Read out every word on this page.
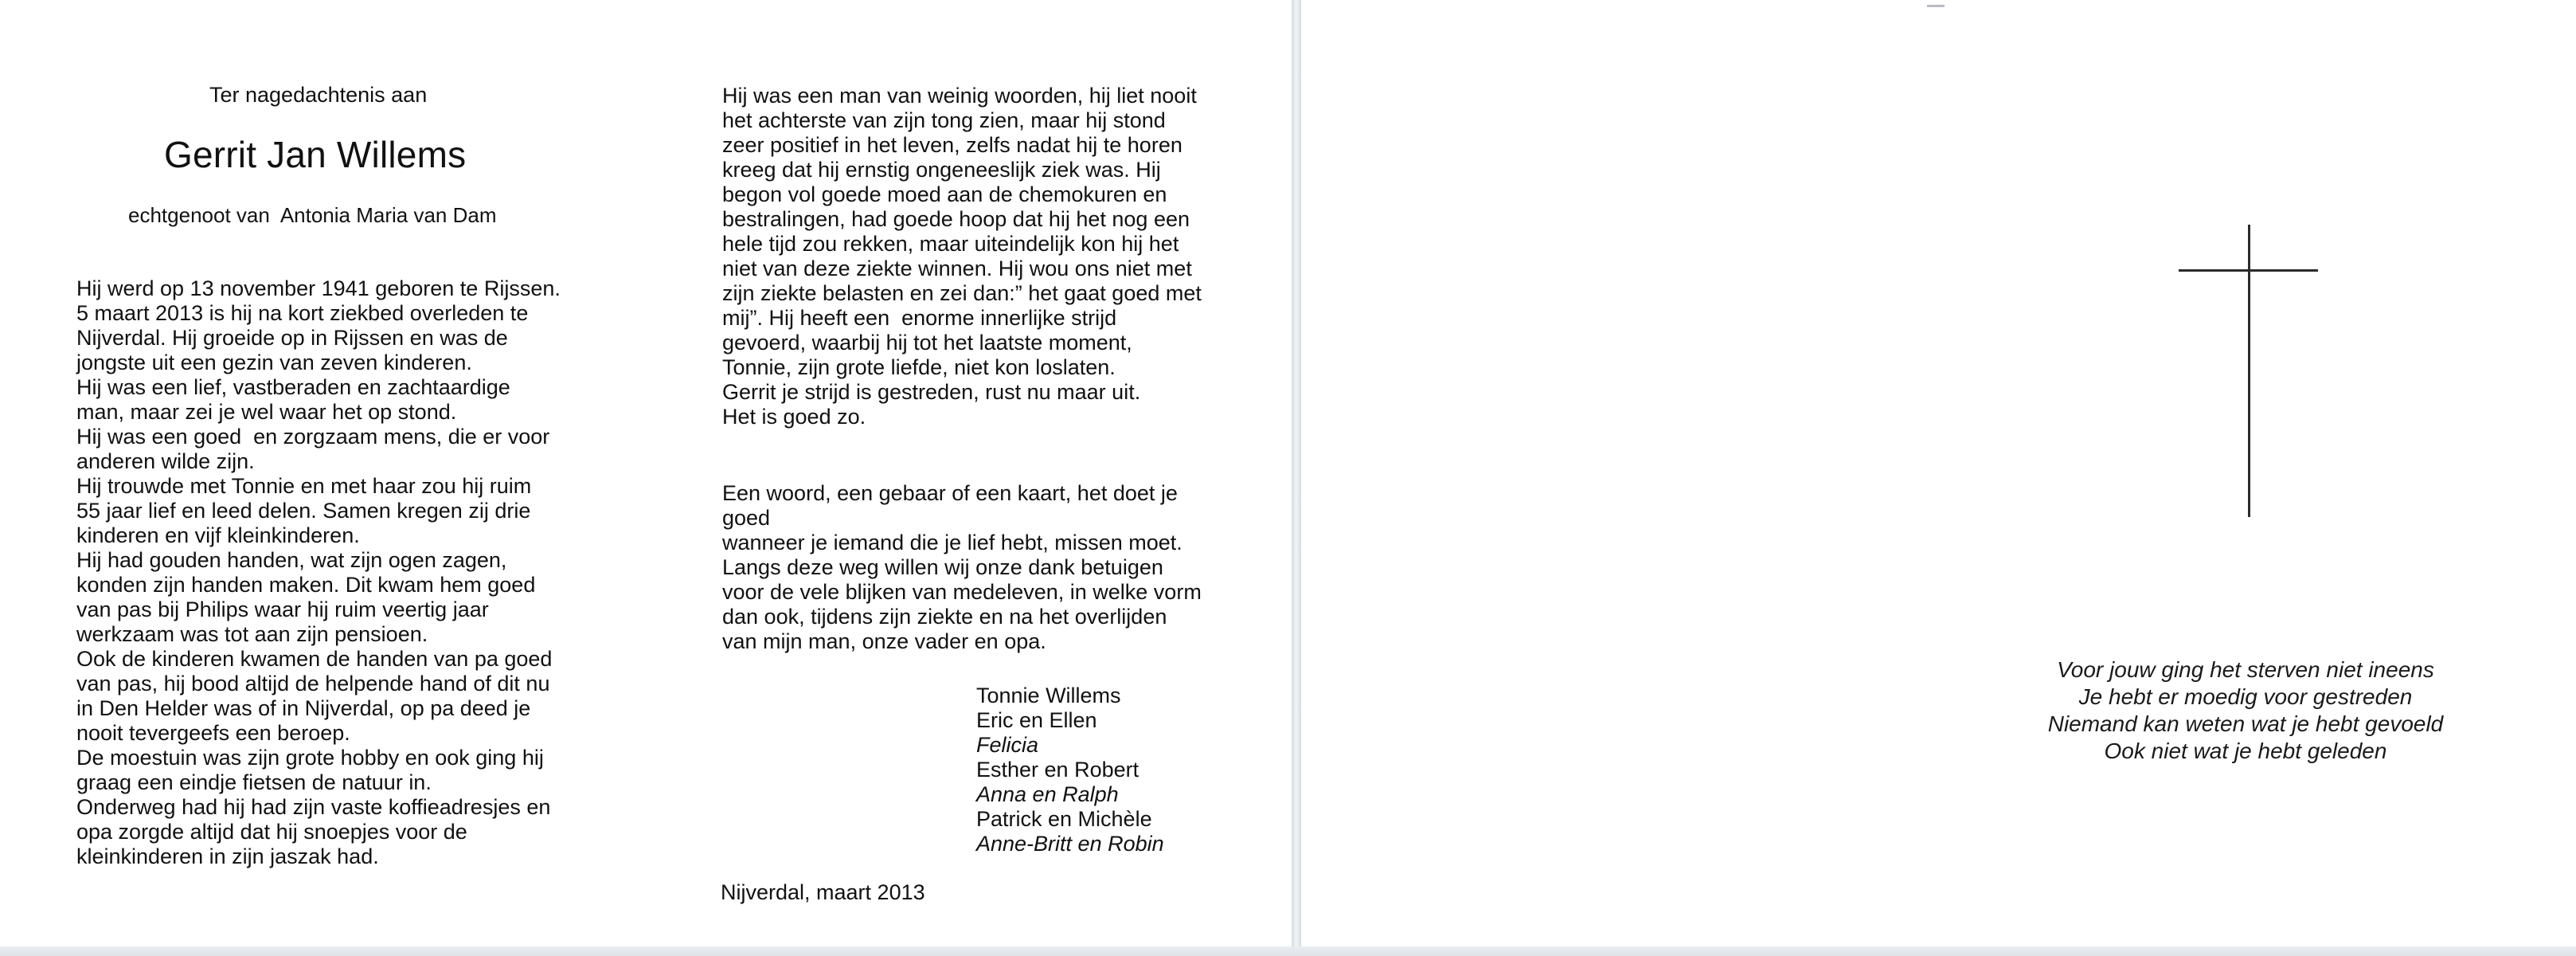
Ter nagedachtenis aan
Gerrit Jan Willems
echtgenoot van  Antonia Maria van Dam
Hij werd op 13 november 1941 geboren te Rijssen.
5 maart 2013 is hij na kort ziekbed overleden te
Nijverdal. Hij groeide op in Rijssen en was de
jongste uit een gezin van zeven kinderen.
Hij was een lief, vastberaden en zachtaardige
man, maar zei je wel waar het op stond.
Hij was een goed  en zorgzaam mens, die er voor
anderen wilde zijn.
Hij trouwde met Tonnie en met haar zou hij ruim
55 jaar lief en leed delen. Samen kregen zij drie
kinderen en vijf kleinkinderen.
Hij had gouden handen, wat zijn ogen zagen,
konden zijn handen maken. Dit kwam hem goed
van pas bij Philips waar hij ruim veertig jaar
werkzaam was tot aan zijn pensioen.
Ook de kinderen kwamen de handen van pa goed
van pas, hij bood altijd de helpende hand of dit nu
in Den Helder was of in Nijverdal, op pa deed je
nooit tevergeefs een beroep.
De moestuin was zijn grote hobby en ook ging hij
graag een eindje fietsen de natuur in.
Onderweg had hij had zijn vaste koffieadresjes en
opa zorgde altijd dat hij snoepjes voor de
kleinkinderen in zijn jaszak had.
Hij was een man van weinig woorden, hij liet nooit
het achterste van zijn tong zien, maar hij stond
zeer positief in het leven, zelfs nadat hij te horen
kreeg dat hij ernstig ongeneeslijk ziek was. Hij
begon vol goede moed aan de chemokuren en
bestralingen, had goede hoop dat hij het nog een
hele tijd zou rekken, maar uiteindelijk kon hij het
niet van deze ziekte winnen. Hij wou ons niet met
zijn ziekte belasten en zei dan:” het gaat goed met
mij”. Hij heeft een  enorme innerlijke strijd
gevoerd, waarbij hij tot het laatste moment,
Tonnie, zijn grote liefde, niet kon loslaten.
Gerrit je strijd is gestreden, rust nu maar uit.
Het is goed zo.
Een woord, een gebaar of een kaart, het doet je
goed
wanneer je iemand die je lief hebt, missen moet.
Langs deze weg willen wij onze dank betuigen
voor de vele blijken van medeleven, in welke vorm
dan ook, tijdens zijn ziekte en na het overlijden
van mijn man, onze vader en opa.
Tonnie Willems
Eric en Ellen
Felicia
Esther en Robert
Anna en Ralph
Patrick en Michèle
Anne-Britt en Robin
Nijverdal, maart 2013
Voor jouw ging het sterven niet ineens
Je hebt er moedig voor gestreden
Niemand kan weten wat je hebt gevoeld
Ook niet wat je hebt geleden
